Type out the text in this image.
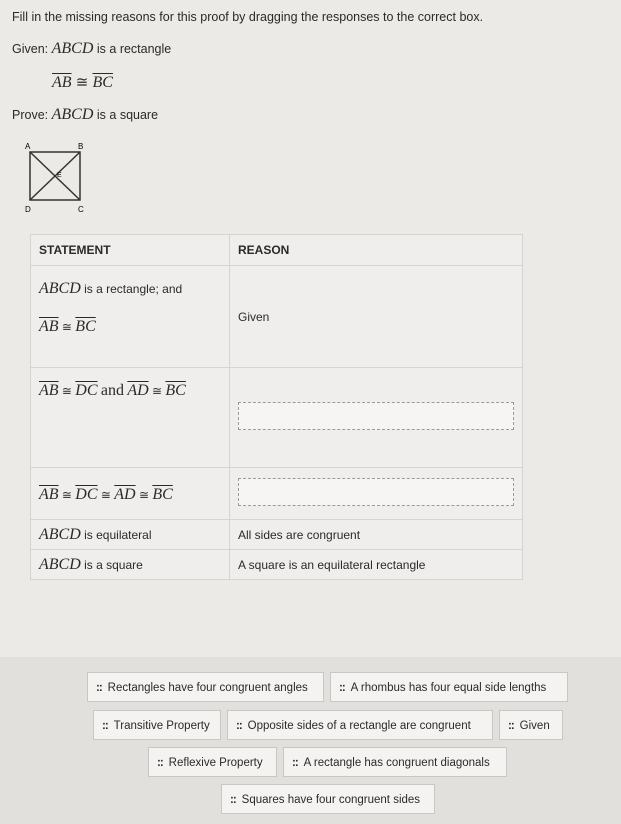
Fill in the missing reasons for this proof by dragging the responses to the correct box.
Given: ABCD is a rectangle
$\overline{AB}$ ≅ $\overline{BC}$
Prove: ABCD is a square
A	B
C
D
E
STATEMENT	REASON

ABCD is a rectangle; and
$\overline{AB}$ ≅ $\overline{BC}$	Given

$\overline{AB}$ ≅ $\overline{DC}$ and $\overline{AD}$ ≅ $\overline{BC}$

$\overline{AB}$ ≅ $\overline{DC}$ ≅ $\overline{AD}$ ≅ $\overline{BC}$

ABCD is equilateral	All sides are congruent
ABCD is a square	A square is an equilateral rectangle
:: Rectangles have four congruent angles	:: A rhombus has four equal side lengths
:: Transitive Property	:: Opposite sides of a rectangle are congruent	:: Given
:: Reflexive Property	:: A rectangle has congruent diagonals
:: Squares have four congruent sides
